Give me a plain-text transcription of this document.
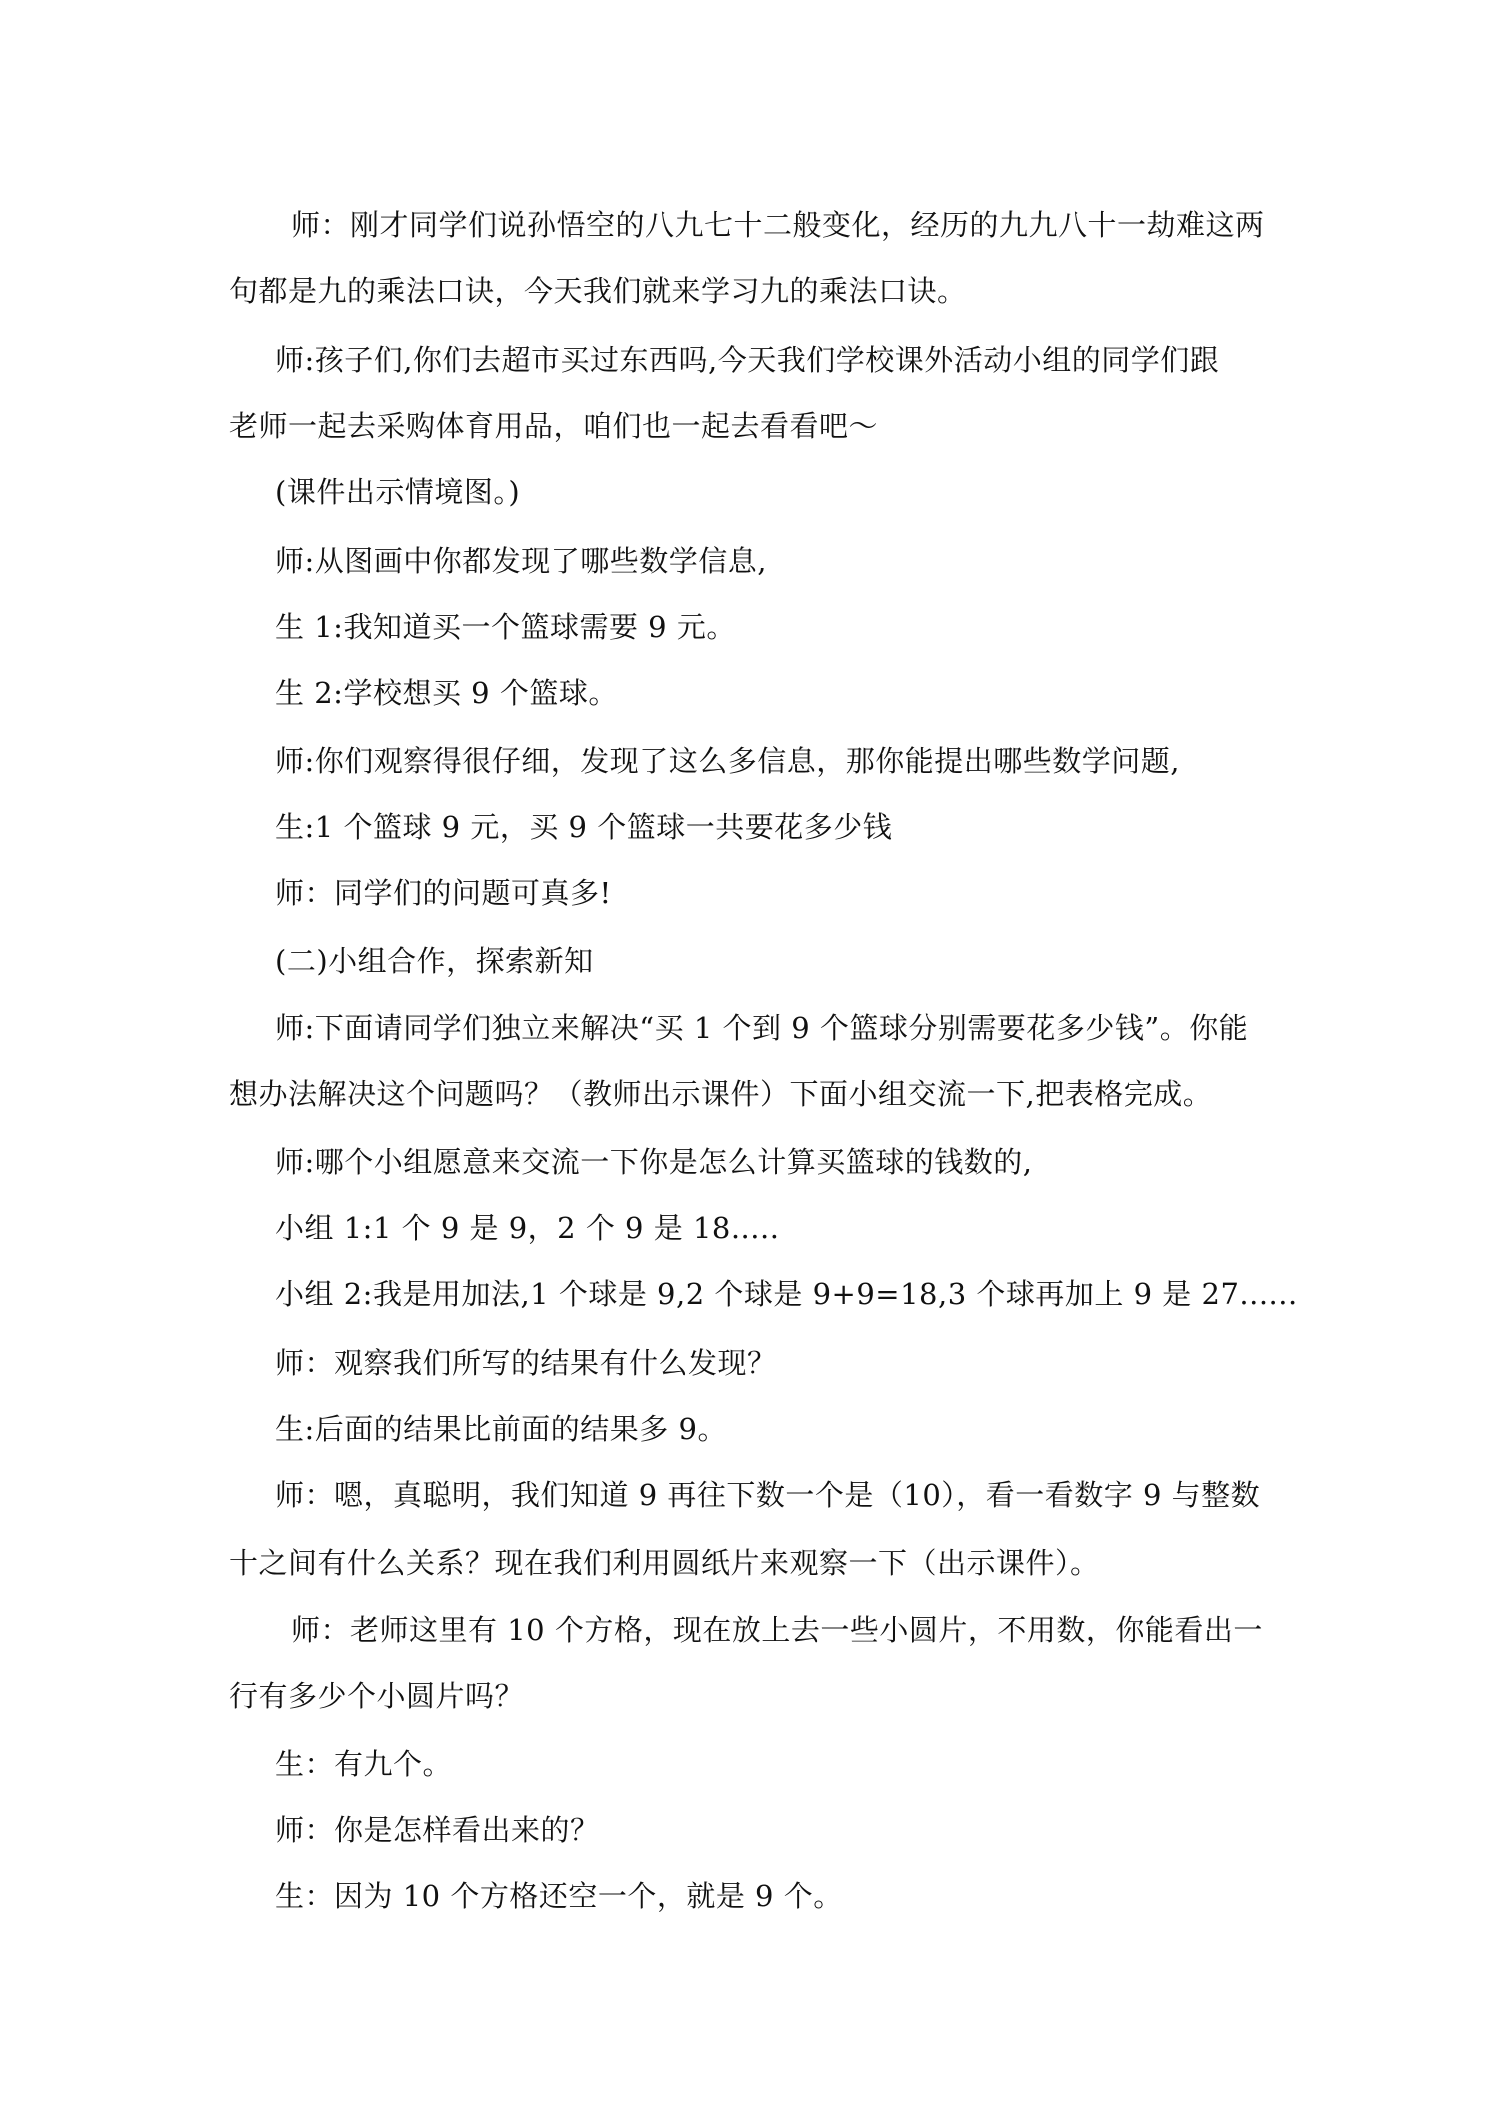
师：刚才同学们说孙悟空的八九七十二般变化，经历的九九八十一劫难这两
句都是九的乘法口诀，今天我们就来学习九的乘法口诀。
师:孩子们,你们去超市买过东西吗,今天我们学校课外活动小组的同学们跟
老师一起去采购体育用品，咱们也一起去看看吧～
(课件出示情境图。)
师:从图画中你都发现了哪些数学信息,
生 1:我知道买一个篮球需要 9 元。
生 2:学校想买 9 个篮球。
师:你们观察得很仔细，发现了这么多信息，那你能提出哪些数学问题,
生:1 个篮球 9 元，买 9 个篮球一共要花多少钱
师：同学们的问题可真多!
(二)小组合作，探索新知
师:下面请同学们独立来解决“买 1 个到 9 个篮球分别需要花多少钱”。你能
想办法解决这个问题吗？（教师出示课件）下面小组交流一下,把表格完成。
师:哪个小组愿意来交流一下你是怎么计算买篮球的钱数的,
小组 1:1 个 9 是 9，2 个 9 是 18.....
小组 2:我是用加法,1 个球是 9,2 个球是 9+9=18,3 个球再加上 9 是 27......
师：观察我们所写的结果有什么发现？
生:后面的结果比前面的结果多 9。
师：嗯，真聪明，我们知道 9 再往下数一个是（10），看一看数字 9 与整数
十之间有什么关系？现在我们利用圆纸片来观察一下（出示课件）。
师：老师这里有 10 个方格，现在放上去一些小圆片，不用数，你能看出一
行有多少个小圆片吗？
生：有九个。
师：你是怎样看出来的？
生：因为 10 个方格还空一个，就是 9 个。
